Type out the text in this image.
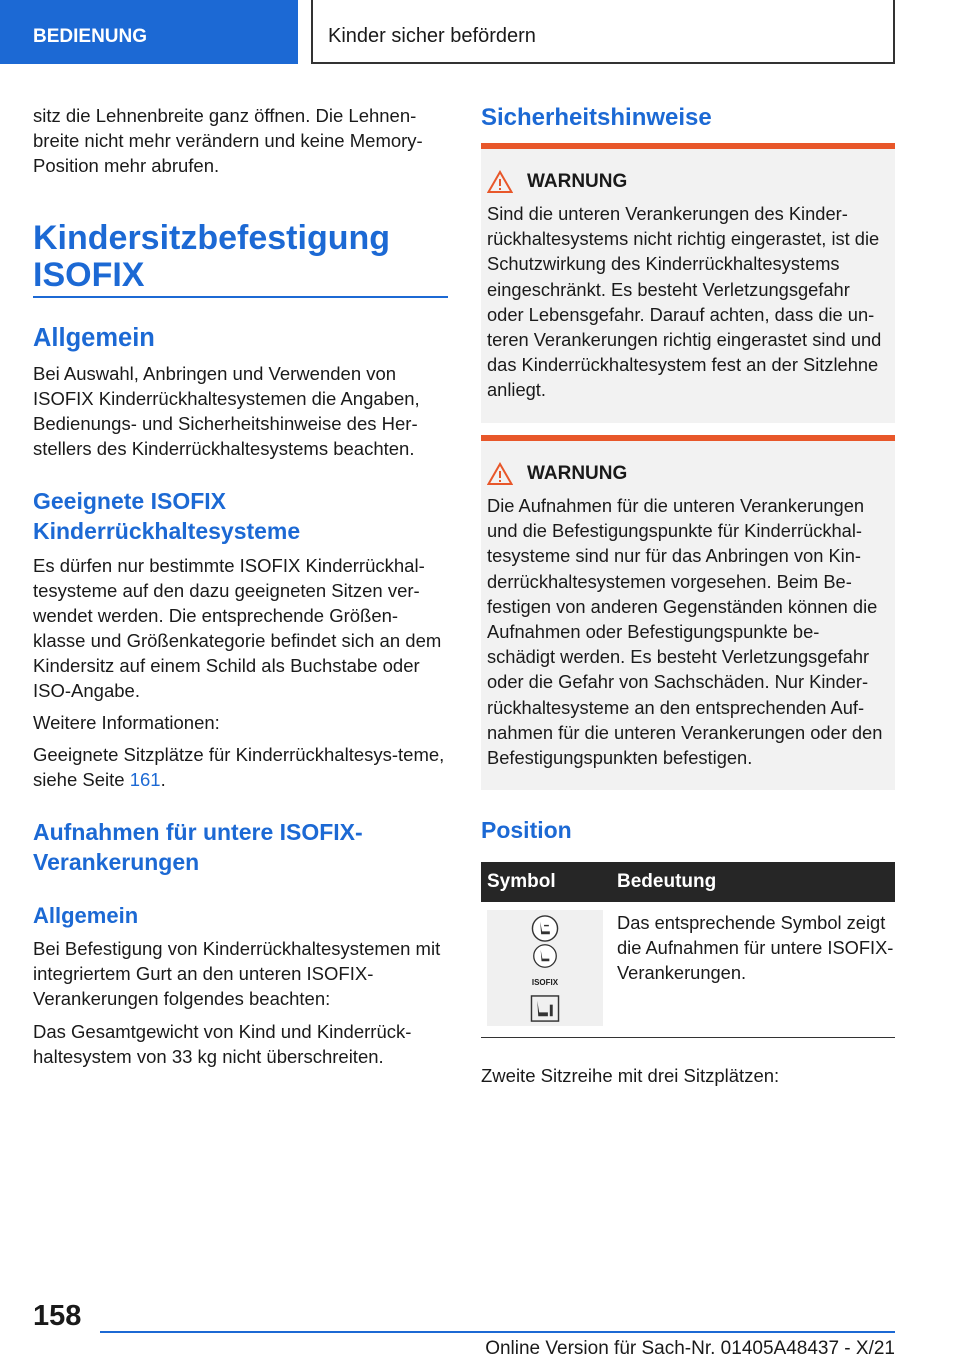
BEDIENUNG	Kinder sicher befördern

sitz die Lehnenbreite ganz öffnen. Die Lehnen-breite nicht mehr verändern und keine Memory-Position mehr abrufen.

Kindersitzbefestigung
ISOFIX
Allgemein

Bei Auswahl, Anbringen und Verwenden von ISOFIX Kinderrückhaltesystemen die Angaben, Bedienungs- und Sicherheitshinweise des Her-stellers des Kinderrückhaltesystems beachten.

Geeignete ISOFIX
Kinderrückhaltesysteme

Es dürfen nur bestimmte ISOFIX Kinderrückhal-tesysteme auf den dazu geeigneten Sitzen ver-wendet werden. Die entsprechende Größen-klasse und Größenkategorie befindet sich an dem Kindersitz auf einem Schild als Buchstabe oder ISO-Angabe.

Weitere Informationen:

Geeignete Sitzplätze für Kinderrückhaltesys-teme, siehe Seite 161.

Aufnahmen für untere ISOFIX-
Verankerungen
Allgemein

Bei Befestigung von Kinderrückhaltesystemen mit integriertem Gurt an den unteren ISOFIX-Verankerungen folgendes beachten:

Das Gesamtgewicht von Kind und Kinderrück-haltesystem von 33 kg nicht überschreiten.

Sicherheitshinweise
WARNUNG

Sind die unteren Verankerungen des Kinder-rückhaltesystems nicht richtig eingerastet, ist die Schutzwirkung des Kinderrückhaltesystems eingeschränkt. Es besteht Verletzungsgefahr oder Lebensgefahr. Darauf achten, dass die un-teren Verankerungen richtig eingerastet sind und das Kinderrückhaltesystem fest an der Sitzlehne anliegt.

WARNUNG

Die Aufnahmen für die unteren Verankerungen und die Befestigungspunkte für Kinderrückhal-tesysteme sind nur für das Anbringen von Kin-derrückhaltesystemen vorgesehen. Beim Be-festigen von anderen Gegenständen können die Aufnahmen oder Befestigungspunkte be-schädigt werden. Es besteht Verletzungsgefahr oder die Gefahr von Sachschäden. Nur Kinder-rückhaltesysteme an den entsprechenden Auf-nahmen für die unteren Verankerungen oder den Befestigungspunkten befestigen.

Position
Symbol	Bedeutung

ISOFIX	Das entsprechende Symbol zeigt die Aufnahmen für untere ISOFIX-Verankerungen.

Zweite Sitzreihe mit drei Sitzplätzen:

158
Online Version für Sach-Nr. 01405A48437 - X/21
